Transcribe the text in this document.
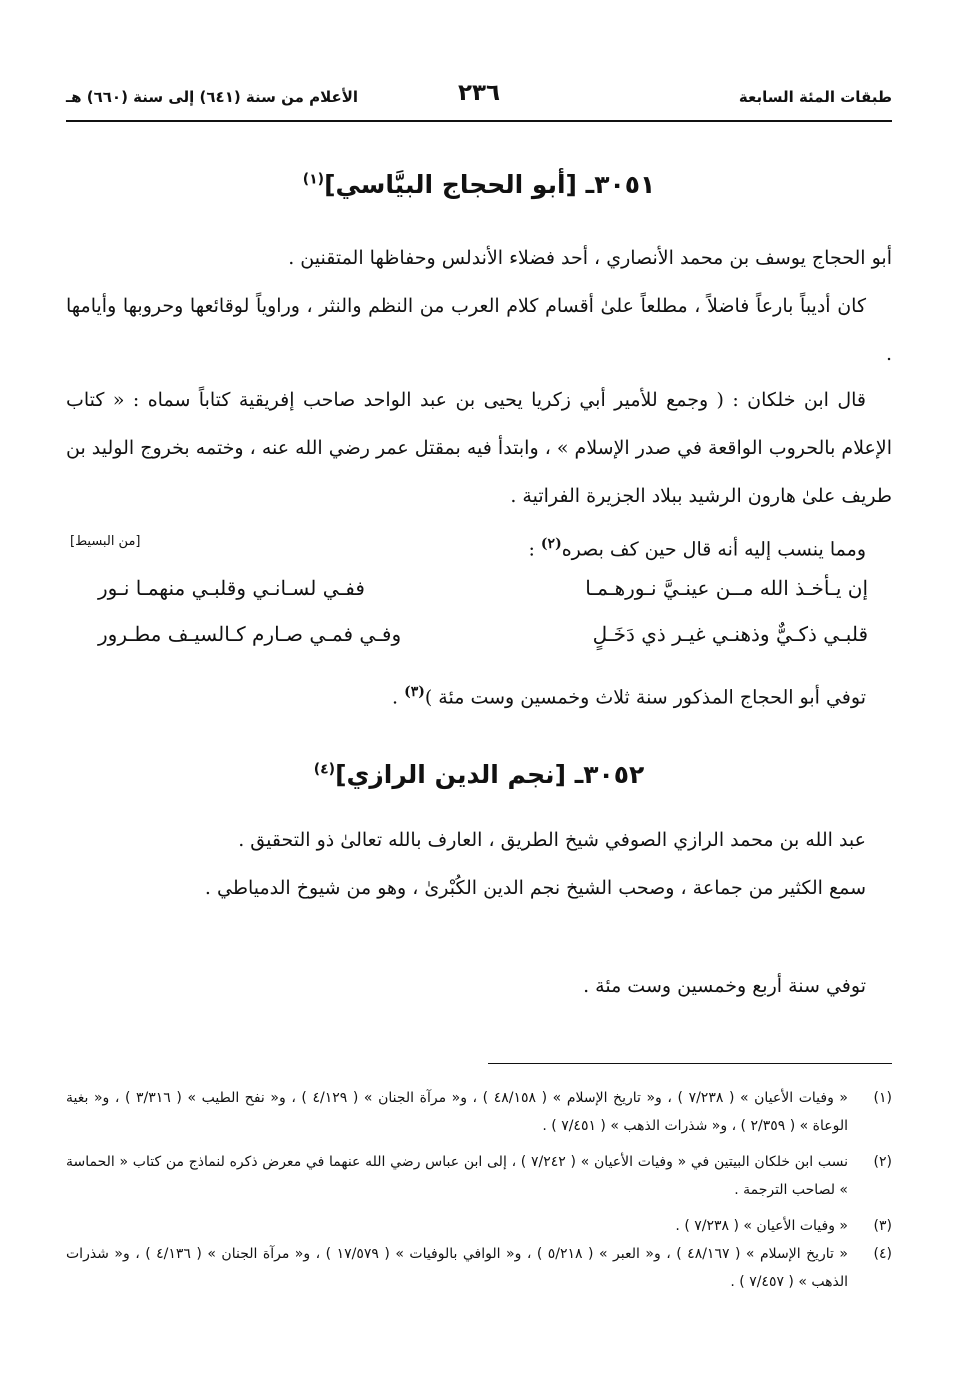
طبقات المئة السابعة
٢٣٦
الأعلام من سنة (٦٤١) إلى سنة (٦٦٠) هـ
٣٠٥١ـ [أبو الحجاج البيَّاسي]$^{(١)}$

أبو الحجاج يوسف بن محمد الأنصاري ، أحد فضلاء الأندلس وحفاظها المتقنين .

كان أديباً بارعاً فاضلاً ، مطلعاً علىٰ أقسام كلام العرب من النظم والنثر ، وراوياً لوقائعها وحروبها وأيامها .

قال ابن خلكان : ( وجمع للأمير أبي زكريا يحيى بن عبد الواحد صاحب إفريقية كتاباً سماه : « كتاب الإعلام بالحروب الواقعة في صدر الإسلام » ، وابتدأ فيه بمقتل عمر رضي الله عنه ، وختمه بخروج الوليد بن طريف علىٰ هارون الرشيد ببلاد الجزيرة الفراتية .

ومما ينسب إليه أنه قال حين كف بصره$^{(٢)}$ :

[من البسيط]
إن يـأخـذ الله مــن عينـيَّ نـورهـمـا
ففـي لسـانـي وقلبـي منهمـا نـور
قلبـي ذكـيٌّ وذهنـي غيـر ذي دَخَـلٍ
وفـي فمـي صـارم كـالسيـف مطـرور

توفي أبو الحجاج المذكور سنة ثلاث وخمسين وست مئة )$^{(٣)}$ .

٣٠٥٢ـ [نجم الدين الرازي]$^{(٤)}$

عبد الله بن محمد الرازي الصوفي شيخ الطريق ، العارف بالله تعالىٰ ذو التحقيق .

سمع الكثير من جماعة ، وصحب الشيخ نجم الدين الكُبْرىٰ ، وهو من شيوخ الدمياطي .

توفي سنة أربع وخمسين وست مئة .

(١)
« وفيات الأعيان » ( ٧/٢٣٨ ) ، و« تاريخ الإسلام » ( ٤٨/١٥٨ ) ، و« مرآة الجنان » ( ٤/١٢٩ ) ، و« نفح الطيب » ( ٣/٣١٦ ) ، و« بغية الوعاة » ( ٢/٣٥٩ ) ، و« شذرات الذهب » ( ٧/٤٥١ ) .
(٢)
نسب ابن خلكان البيتين في « وفيات الأعيان » ( ٧/٢٤٢ ) ، إلى ابن عباس رضي الله عنهما في معرض ذكره لنماذج من كتاب « الحماسة » لصاحب الترجمة .
(٣)
« وفيات الأعيان » ( ٧/٢٣٨ ) .
(٤)
« تاريخ الإسلام » ( ٤٨/١٦٧ ) ، و« العبر » ( ٥/٢١٨ ) ، و« الوافي بالوفيات » ( ١٧/٥٧٩ ) ، و« مرآة الجنان » ( ٤/١٣٦ ) ، و« شذرات الذهب » ( ٧/٤٥٧ ) .
